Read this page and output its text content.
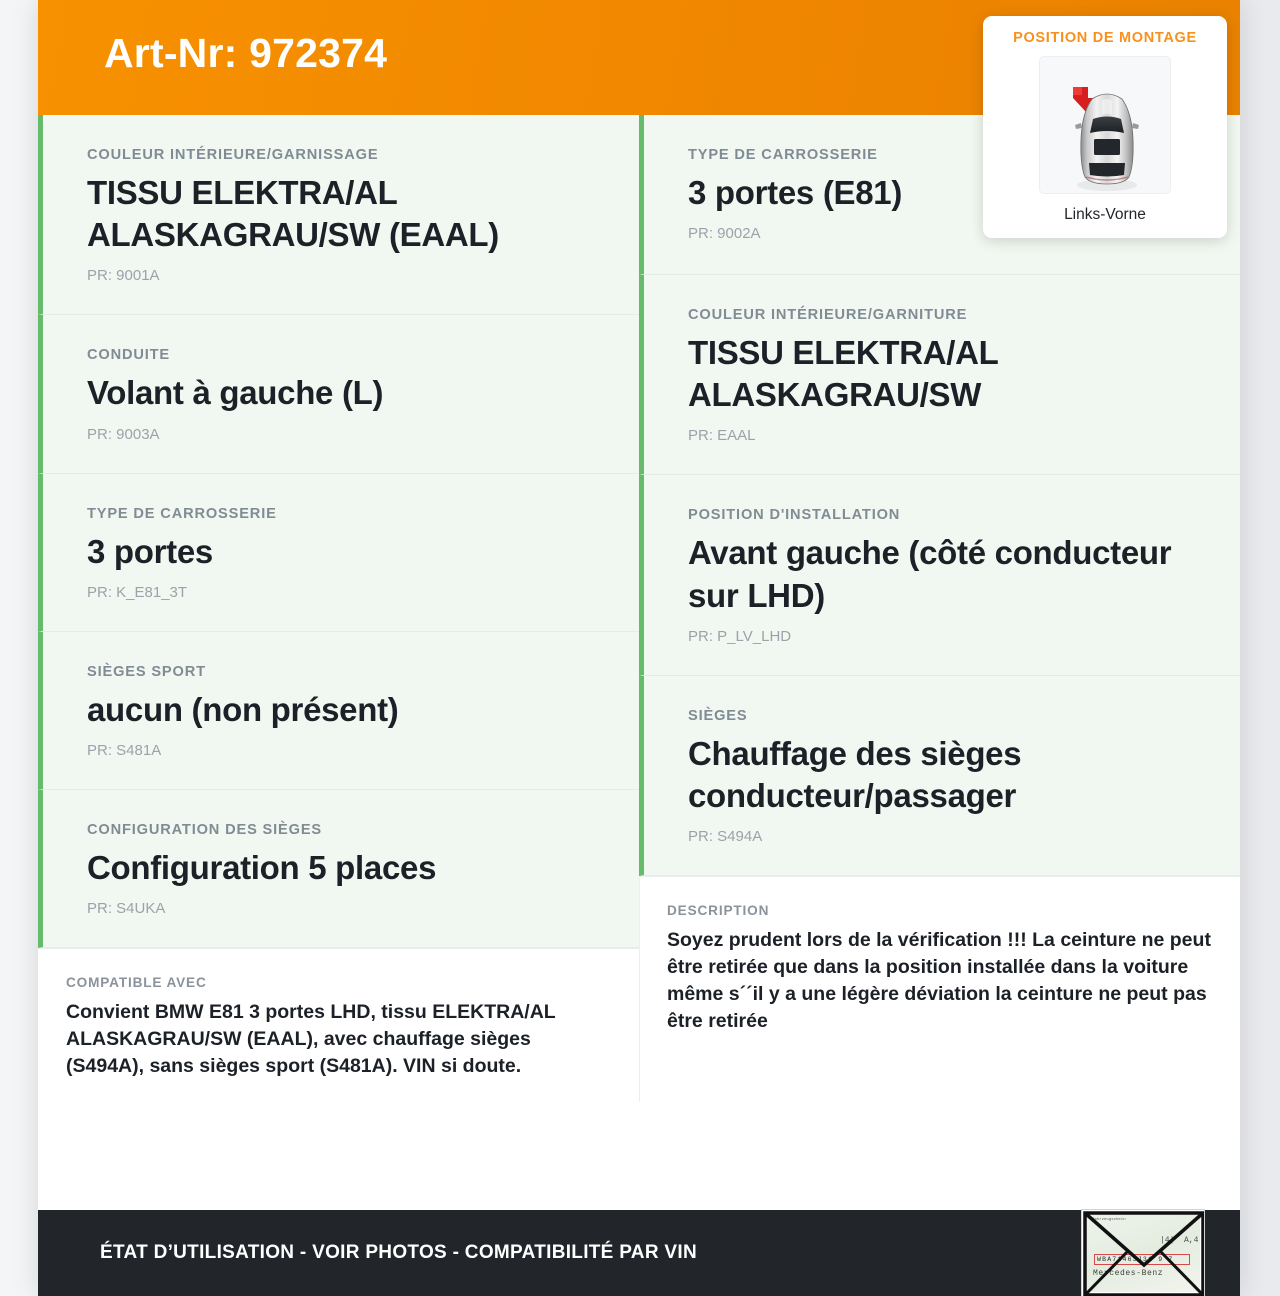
Art-Nr: 972374	POSITION DE MONTAGE
Links-Vorne
COULEUR INTÉRIEURE/GARNISSAGE
TISSU ELEKTRA/AL ALASKAGRAU/SW (EAAL)
PR: 9001A
CONDUITE
Volant à gauche (L)
PR: 9003A
TYPE DE CARROSSERIE
3 portes
PR: K_E81_3T
SIÈGES SPORT
aucun (non présent)
PR: S481A
CONFIGURATION DES SIÈGES
Configuration 5 places
PR: S4UKA
COMPATIBLE AVEC
Convient BMW E81 3 portes LHD, tissu ELEKTRA/AL ALASKAGRAU/SW (EAAL), avec chauffage sièges (S494A), sans sièges sport (S481A). VIN si doute.
TYPE DE CARROSSERIE
3 portes (E81)
PR: 9002A
COULEUR INTÉRIEURE/GARNITURE
TISSU ELEKTRA/AL ALASKAGRAU/SW
PR: EAAL
POSITION D'INSTALLATION
Avant gauche (côté conducteur sur LHD)
PR: P_LV_LHD
SIÈGES
Chauffage des sièges conducteur/passager
PR: S494A
DESCRIPTION
Soyez prudent lors de la vérification !!! La ceinture ne peut être retirée que dans la position installée dans la voiture même s´´il y a une légère déviation la ceinture ne peut pas être retirée
ÉTAT D’UTILISATION - VOIR PHOTOS - COMPATIBILITÉ PAR VIN
Fahrzeugschein
|4|  A,4
WBA71463J31 9 7
Mercedes-Benz
